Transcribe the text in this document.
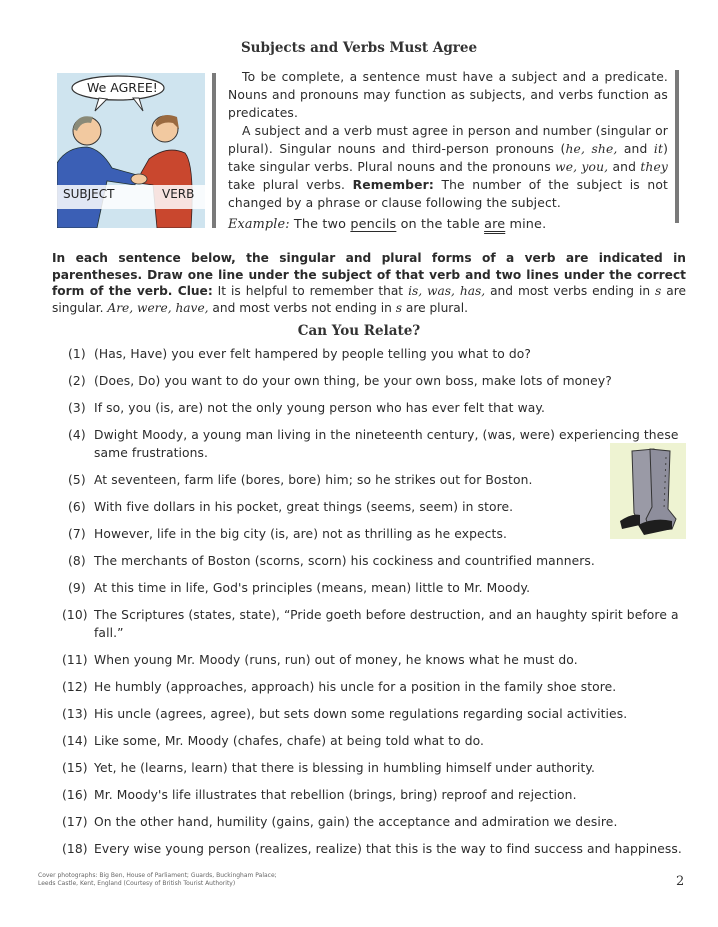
Subjects and Verbs Must Agree
We AGREE!
SUBJECT	VERB

To be complete, a sentence must have a subject and a predicate. Nouns and pronouns may function as subjects, and verbs function as predicates.

A subject and a verb must agree in person and number (singular or plural). Singular nouns and third-person pronouns (he, she, and it) take singular verbs. Plural nouns and the pronouns we, you, and they take plural verbs. Remember: The number of the subject is not changed by a phrase or clause following the subject.

Example: The two pencils on the table are mine.

In each sentence below, the singular and plural forms of a verb are indicated in parentheses. Draw one line under the subject of that verb and two lines under the correct form of the verb. Clue: It is helpful to remember that is, was, has, and most verbs ending in s are singular. Are, were, have, and most verbs not ending in s are plural.
Can You Relate?
(1) (Has, Have) you ever felt hampered by people telling you what to do?
(2) (Does, Do) you want to do your own thing, be your own boss, make lots of money?
(3) If so, you (is, are) not the only young person who has ever felt that way.
(4) Dwight Moody, a young man living in the nineteenth century, (was, were) experiencing these same frustrations.
(5) At seventeen, farm life (bores, bore) him; so he strikes out for Boston.
(6) With five dollars in his pocket, great things (seems, seem) in store.
(7) However, life in the big city (is, are) not as thrilling as he expects.
(8) The merchants of Boston (scorns, scorn) his cockiness and countrified manners.
(9) At this time in life, God's principles (means, mean) little to Mr. Moody.
(10) The Scriptures (states, state), “Pride goeth before destruction, and an haughty spirit before a fall.”
(11) When young Mr. Moody (runs, run) out of money, he knows what he must do.
(12) He humbly (approaches, approach) his uncle for a position in the family shoe store.
(13) His uncle (agrees, agree), but sets down some regulations regarding social activities.
(14) Like some, Mr. Moody (chafes, chafe) at being told what to do.
(15) Yet, he (learns, learn) that there is blessing in humbling himself under authority.
(16) Mr. Moody's life illustrates that rebellion (brings, bring) reproof and rejection.
(17) On the other hand, humility (gains, gain) the acceptance and admiration we desire.
(18) Every wise young person (realizes, realize) that this is the way to find success and happiness.
Cover photographs: Big Ben, House of Parliament; Guards, Buckingham Palace;
Leeds Castle, Kent, England (Courtesy of British Tourist Authority)	2
